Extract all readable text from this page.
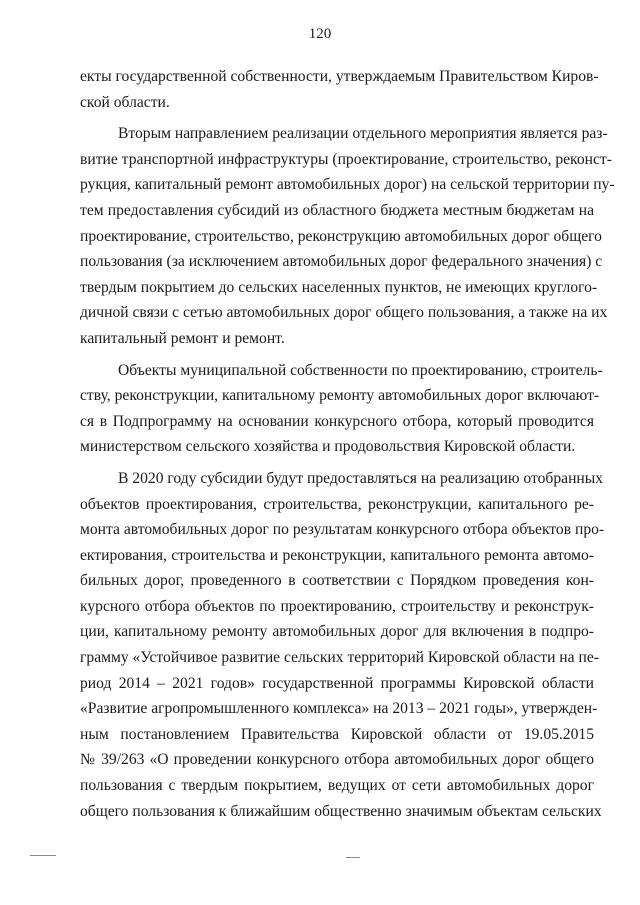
120
екты государственной собственности, утверждаемым Правительством Киров-
ской области.
Вторым направлением реализации отдельного мероприятия является раз-
витие транспортной инфраструктуры (проектирование, строительство, реконст-
рукция, капитальный ремонт автомобильных дорог) на сельской территории пу-
тем предоставления субсидий из областного бюджета местным бюджетам на
проектирование, строительство, реконструкцию автомобильных дорог общего
пользования (за исключением автомобильных дорог федерального значения) с
твердым покрытием до сельских населенных пунктов, не имеющих круглого-
дичной связи с сетью автомобильных дорог общего пользования, а также на их
капитальный ремонт и ремонт.
Объекты муниципальной собственности по проектированию, строитель-
ству, реконструкции, капитальному ремонту автомобильных дорог включают-
ся в Подпрограмму на основании конкурсного отбора, который проводится
министерством сельского хозяйства и продовольствия Кировской области.
В 2020 году субсидии будут предоставляться на реализацию отобранных
объектов проектирования, строительства, реконструкции, капитального ре-
монта автомобильных дорог по результатам конкурсного отбора объектов про-
ектирования, строительства и реконструкции, капитального ремонта автомо-
бильных дорог, проведенного в соответствии с Порядком проведения кон-
курсного отбора объектов по проектированию, строительству и реконструк-
ции, капитальному ремонту автомобильных дорог для включения в подпро-
грамму «Устойчивое развитие сельских территорий Кировской области на пе-
риод 2014 – 2021 годов» государственной программы Кировской области
«Развитие агропромышленного комплекса» на 2013 – 2021 годы», утвержден-
ным постановлением Правительства Кировской области от 19.05.2015
№ 39/263 «О проведении конкурсного отбора автомобильных дорог общего
пользования с твердым покрытием, ведущих от сети автомобильных дорог
общего пользования к ближайшим общественно значимым объектам сельских
